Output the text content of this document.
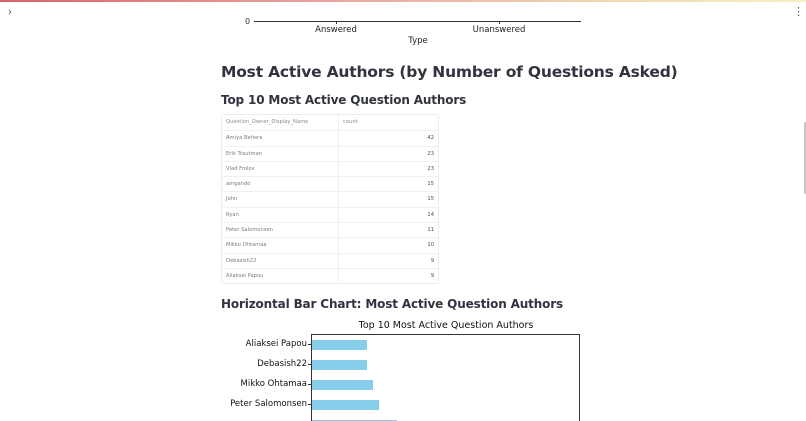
›	⋮
0
Answered	Unanswered
Type
Most Active Authors (by Number of Questions Asked)
Top 10 Most Active Question Authors
Question_Owner_Display_Name	count
Amiya Behera	42
Erik Trautman	23
Vlad Frolov	23
amgando	15
John	15
Ryan	14
Peter Salomonsen	11
Mikko Ohtamaa	10
Debasish22	9
Aliaksei Papou	9
Horizontal Bar Chart: Most Active Question Authors
Top 10 Most Active Question Authors
Aliaksei Papou
Debasish22
Mikko Ohtamaa
Peter Salomonsen
